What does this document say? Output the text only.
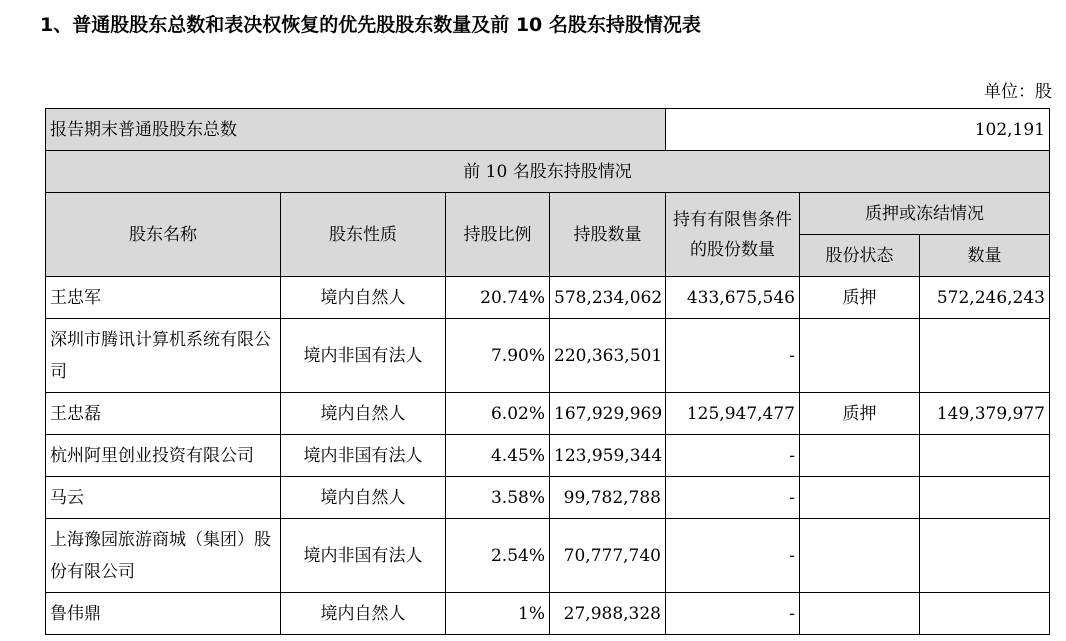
1、普通股股东总数和表决权恢复的优先股股东数量及前 10 名股东持股情况表
单位：股
报告期末普通股股东总数				102,191		
前 10 名股东持股情况						
股东名称	股东性质	持股比例	持股数量	持有有限售条件的股份数量	质押或冻结情况	
					股份状态	数量
王忠军	境内自然人	20.74%	578,234,062	433,675,546	质押	572,246,243
深圳市腾讯计算机系统有限公司	境内非国有法人	7.90%	220,363,501	-		
王忠磊	境内自然人	6.02%	167,929,969	125,947,477	质押	149,379,977
杭州阿里创业投资有限公司	境内非国有法人	4.45%	123,959,344	-		
马云	境内自然人	3.58%	99,782,788	-		
上海豫园旅游商城（集团）股份有限公司	境内非国有法人	2.54%	70,777,740	-		
鲁伟鼎	境内自然人	1%	27,988,328	-		
